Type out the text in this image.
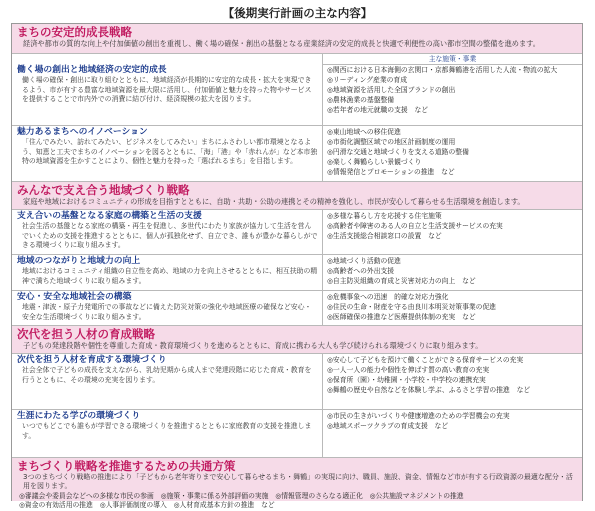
【後期実行計画の主な内容】
まちの安定的成長戦略
経済や都市の質的な向上や付加価値の創出を重視し、働く場の確保・創出の基盤となる産業経済の安定的成長と快適で利便性の高い都市空間の整備を進めます。
主な施策・事業
働く場の創出と地域経済の安定的成長
働く場の確保・創出に取り組むとともに、地域経済が長期的に安定的な成長・拡大を実現できるよう、市が有する豊富な地域資源を最大限に活用し、付加価値と魅力を持った物やサービスを提供することで市内外での消費に結び付け、経済規模の拡大を図ります。
◎関西における日本海側の玄関口・京都舞鶴港を活用した人流・物流の拡大
◎リーディング産業の育成
◎地域資源を活用した全国ブランドの創出
◎農林漁業の基盤整備
◎若年者の地元就職の支援　など
魅力あるまちへのイノベーション
「住んでみたい、訪れてみたい、ビジネスをしてみたい」まちにふさわしい都市環境となるよう、知恵と工夫でまちのイノベーションを図るとともに、「海」「港」や「赤れんが」など本市独特の地域資源を生かすことにより、個性と魅力を持った「選ばれるまち」を目指します。
◎東山地域への移住促進
◎市街化調整区域での地区計画制度の運用
◎円滑な交通と地域づくりを支える道路の整備
◎楽しく舞鶴らしい景観づくり
◎情報発信とプロモーションの推進　など
みんなで支え合う地域づくり戦略
家庭や地域におけるコミュニティの形成を目指すとともに、自助・共助・公助の連携とその精神を強化し、市民が安心して暮らせる生活環境を創造します。
支え合いの基盤となる家庭の構築と生活の支援
社会生活の基盤となる家庭の構築・再生を促進し、多世代にわたり家族が協力して生活を営んでいくための支援を推進するとともに、個人が孤独化せず、自立でき、誰もが豊かな暮らしができる環境づくりに取り組みます。
◎多様な暮らし方を応援する住宅施策
◎高齢者や障害のある人の自立と生活支援サービスの充実
◎生活支援総合相談窓口の設置　など
地域のつながりと地域力の向上
地域におけるコミュニティ組織の自立性を高め、地域の力を向上させるとともに、相互扶助の精神で満ちた地域づくりに取り組みます。
◎地域づくり活動の促進
◎高齢者への外出支援
◎自主防災組織の育成と災害対応力の向上　など
安心・安全な地域社会の構築
地震・津波・原子力発電所での事故などに備えた防災対策の強化や地域医療の確保など安心・安全な生活環境づくりに取り組みます。
◎危機事象への迅速　的確な対応力強化
◎住民の生命・財産を守る由良川本明災対策事業の促進
◎医師確保の推進など医療提供体制の充実　など
次代を担う人材の育成戦略
子どもの発達段階や個性を尊重した育成・教育環境づくりを進めるとともに、育成に携わる大人も学び続けられる環境づくりに取り組みます。
次代を担う人材を育成する環境づくり
社会全体で子どもの成長を支えながら、乳幼児期から成人まで発達段階に応じた育成・教育を行うとともに、その環境の充実を図ります。
◎安心して子どもを預けて働くことができる保育サービスの充実
◎一人一人の能力や個性を伸ばす質の高い教育の充実
◎保育所（園）・幼稚園・小学校・中学校の連携充実
◎舞鶴の歴史や自然などを体験し学ぶ、ふるさと学習の推進　など
生涯にわたる学びの環境づくり
いつでもどこでも誰もが学習できる環境づくりを推進するとともに家庭教育の支援を推進します。
◎市民の生きがいづくりや健康増進のための学習機会の充実
◎地域スポーツクラブの育成支援　など
まちづくり戦略を推進するための共通方策
3つのまちづくり戦略の推進により「子どもから老年寄りまで安心して暮らせるまち・舞鶴」の実現に向け、職員、施設、資金、情報など市が有する行政資源の最適な配分・活用を図ります。
◎審議会や委員会などへの多様な市民の参画　◎施策・事業に係る外部評価の実施　◎情報管理のさらなる適正化　◎公共施設マネジメントの推進
◎資金の有効活用の推進　◎人事評価制度の導入　◎人材育成基本方針の推進　など
